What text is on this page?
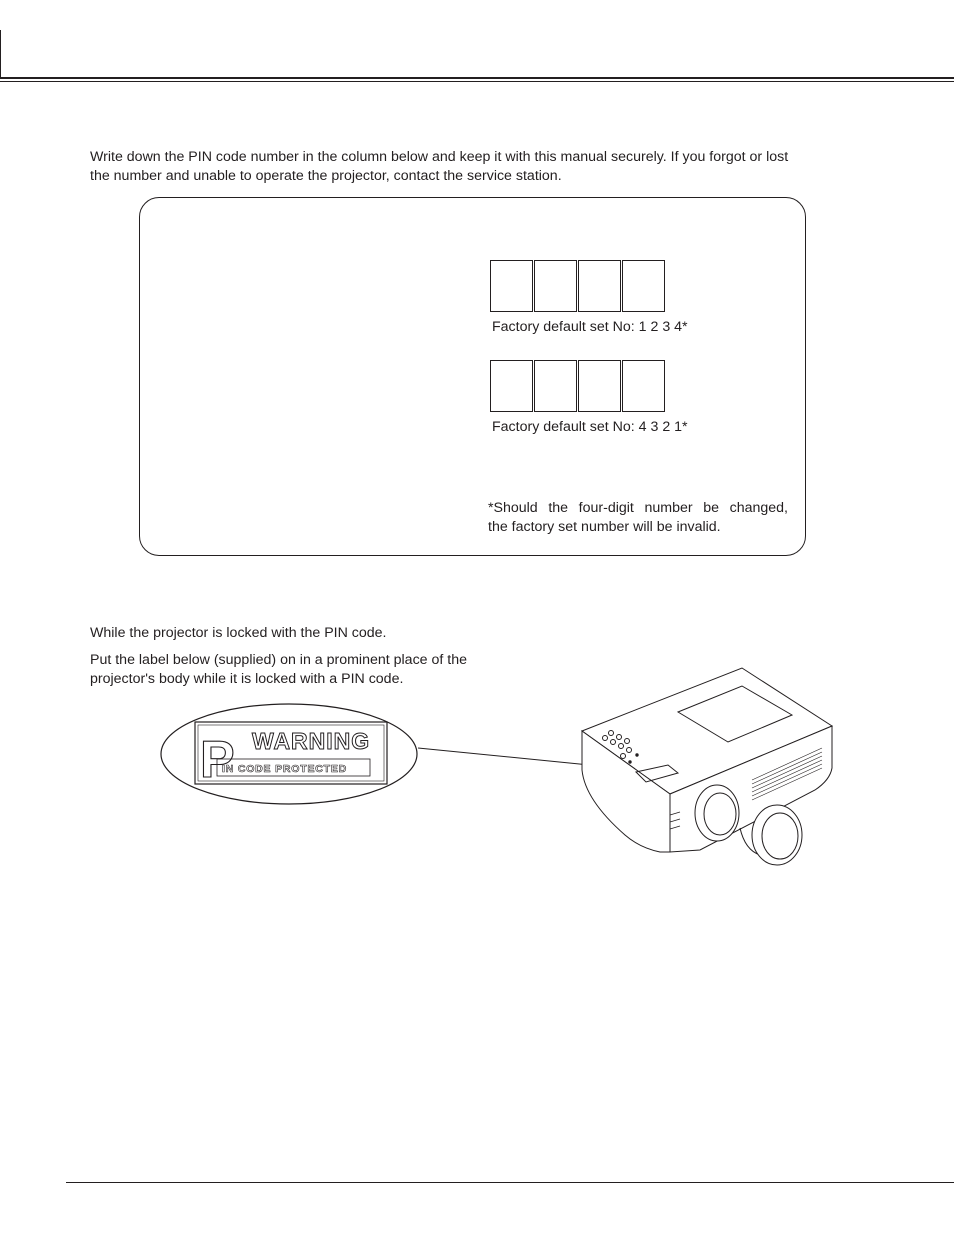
Write down the PIN code number in the column below and keep it with this manual securely. If you forgot or lost
the number and unable to operate the projector, contact the service station.

Factory default set No: 1 2 3 4*
Factory default set No: 4 3 2 1*
*Should the four-digit number be changed,
the factory set number will be invalid.

While the projector is locked with the PIN code.

Put the label below (supplied) on in a prominent place of the
projector's body while it is locked with a PIN code.

P WARNING
IN CODE PROTECTED
